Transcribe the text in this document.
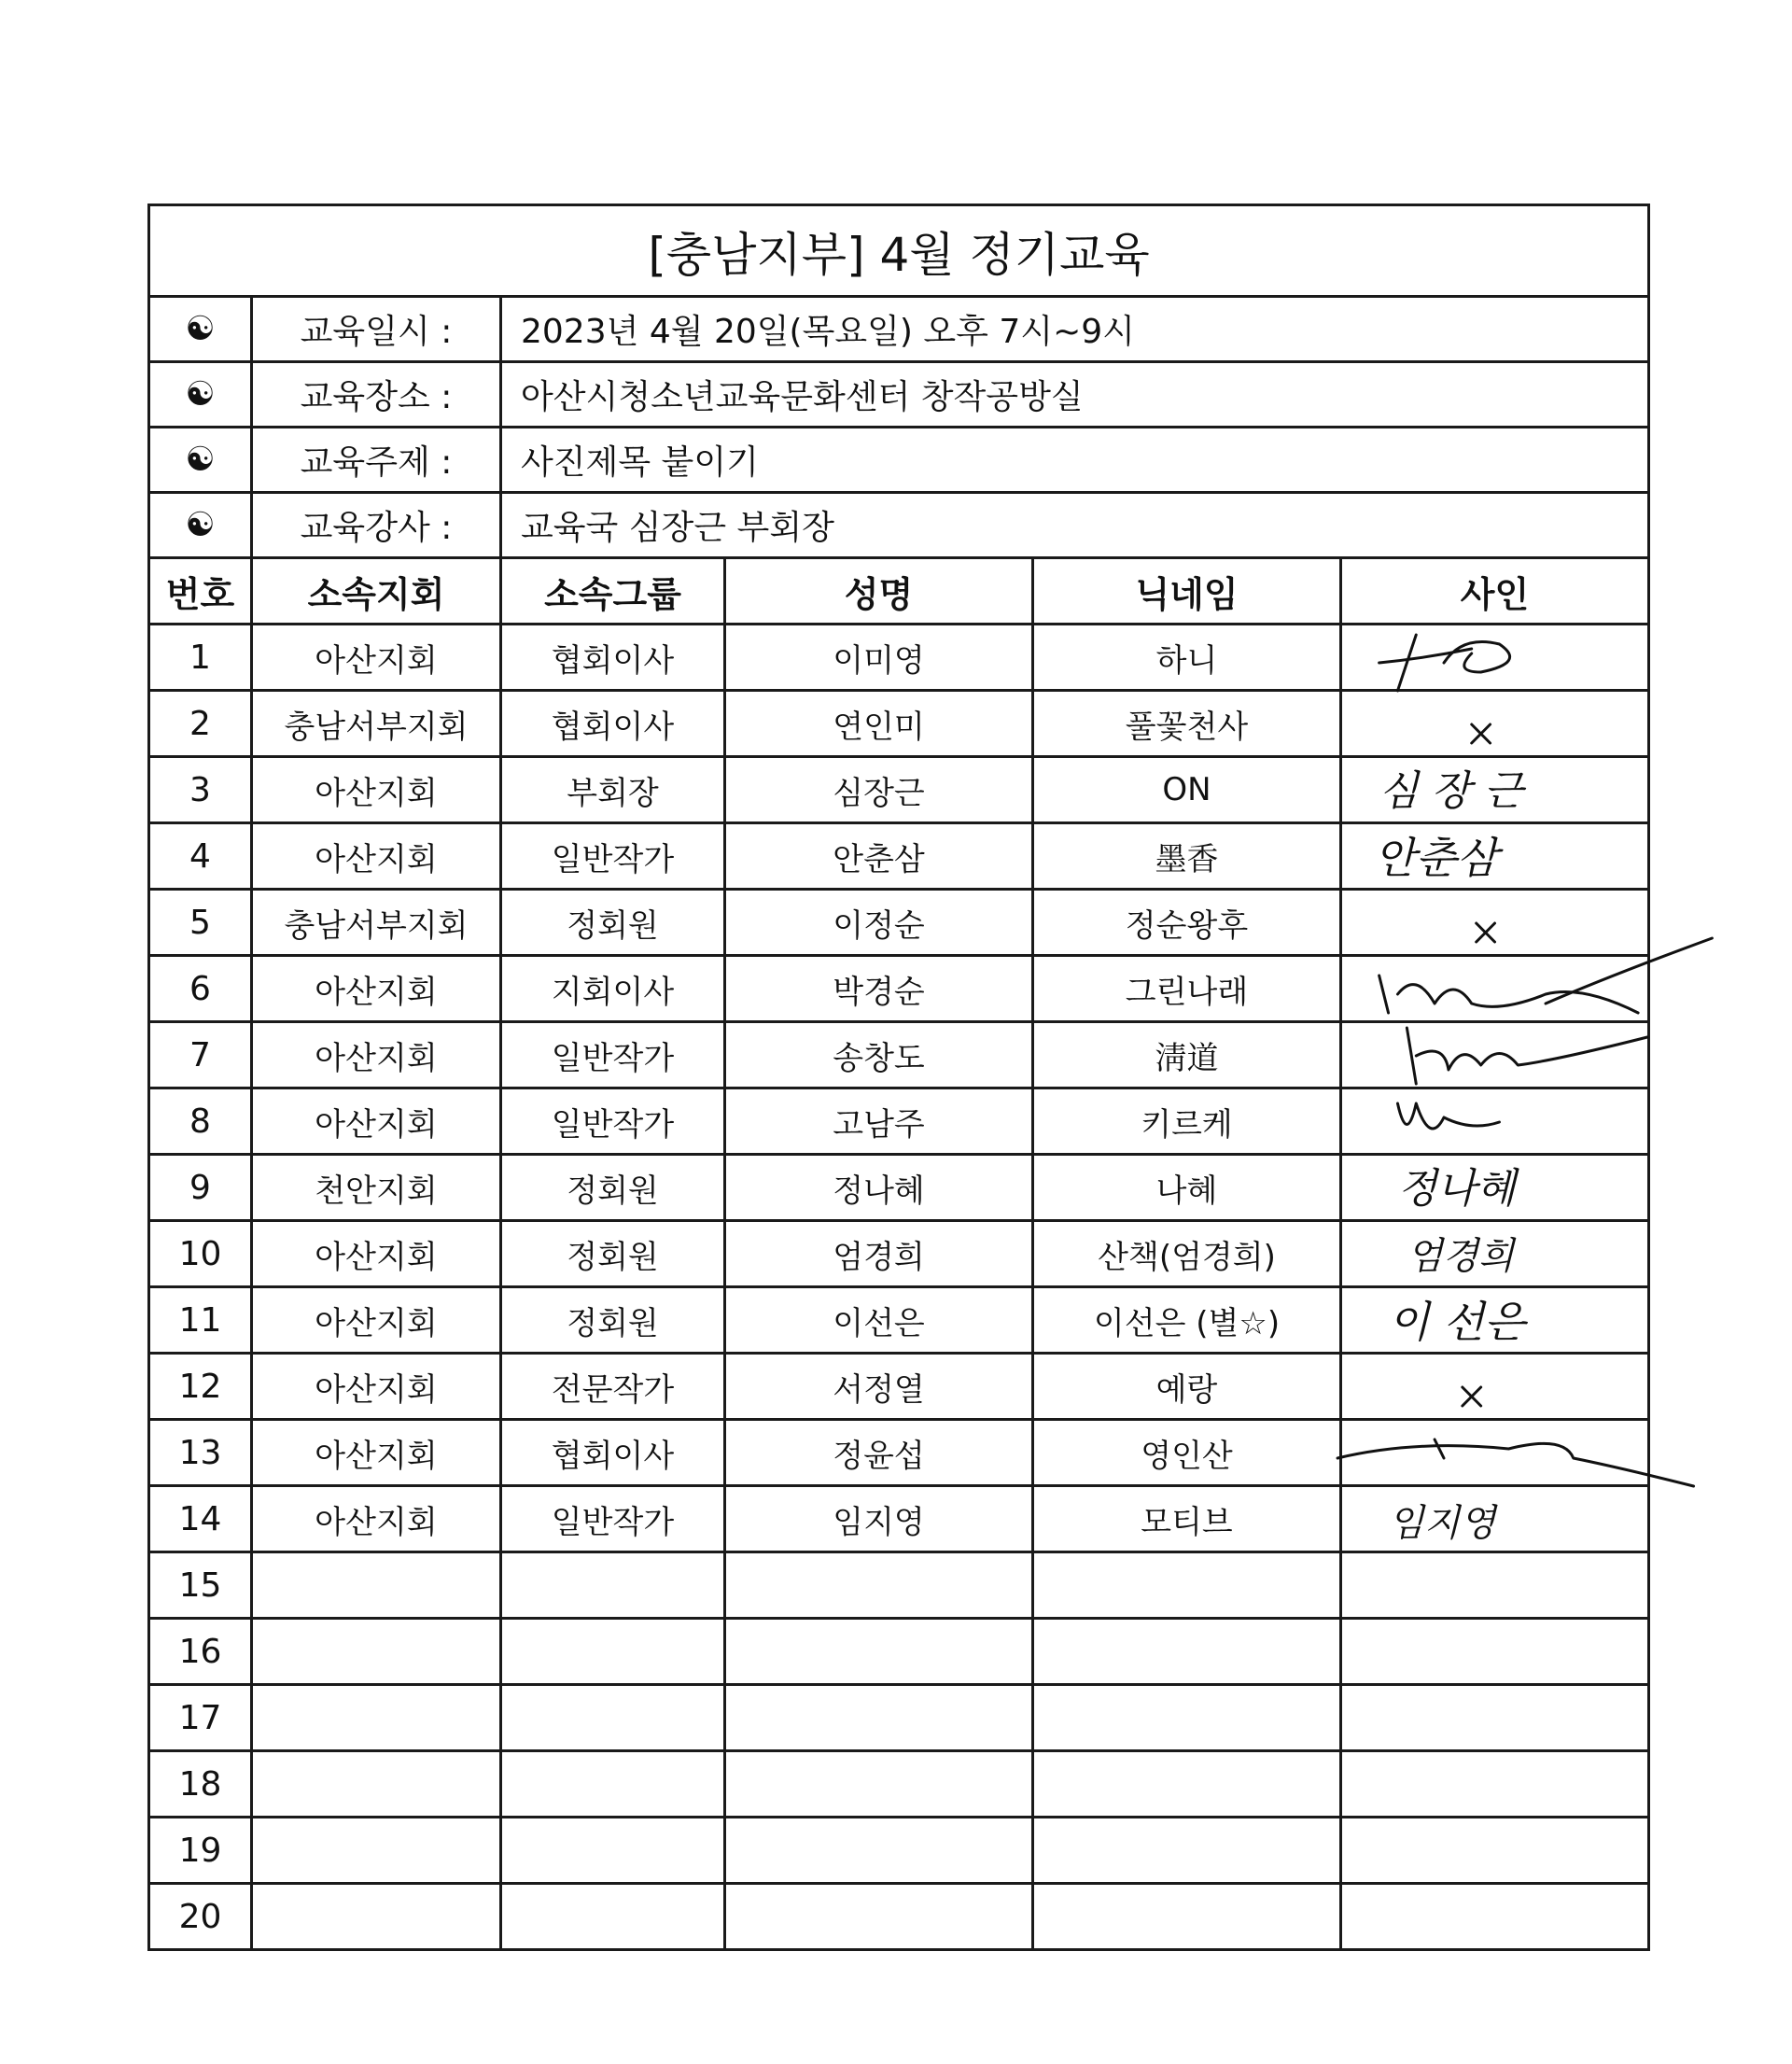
[충남지부] 4월 정기교육					
☯	교육일시 :	2023년 4월 20일(목요일) 오후 7시~9시			
☯	교육장소 :	아산시청소년교육문화센터 창작공방실			
☯	교육주제 :	사진제목 붙이기			
☯	교육강사 :	교육국 심장근 부회장			
번호	소속지회	소속그룹	성명	닉네임	사인
1	아산지회	협회이사	이미영	하니	

2	충남서부지회	협회이사	연인미	풀꽃천사	

3	아산지회	부회장	심장근	ON	심 장 근

4	아산지회	일반작가	안춘삼	墨香	안춘삼

5	충남서부지회	정회원	이정순	정순왕후	

6	아산지회	지회이사	박경순	그린나래	

7	아산지회	일반작가	송창도	淸道	

8	아산지회	일반작가	고남주	키르케	

9	천안지회	정회원	정나혜	나혜	정나혜

10	아산지회	정회원	엄경희	산책(엄경희)	엄경희

11	아산지회	정회원	이선은	이선은 (별☆)	이 선은

12	아산지회	전문작가	서정열	예랑	

13	아산지회	협회이사	정윤섭	영인산	

14	아산지회	일반작가	임지영	모티브	임지영

15					
16					
17					
18					
19					
20					
